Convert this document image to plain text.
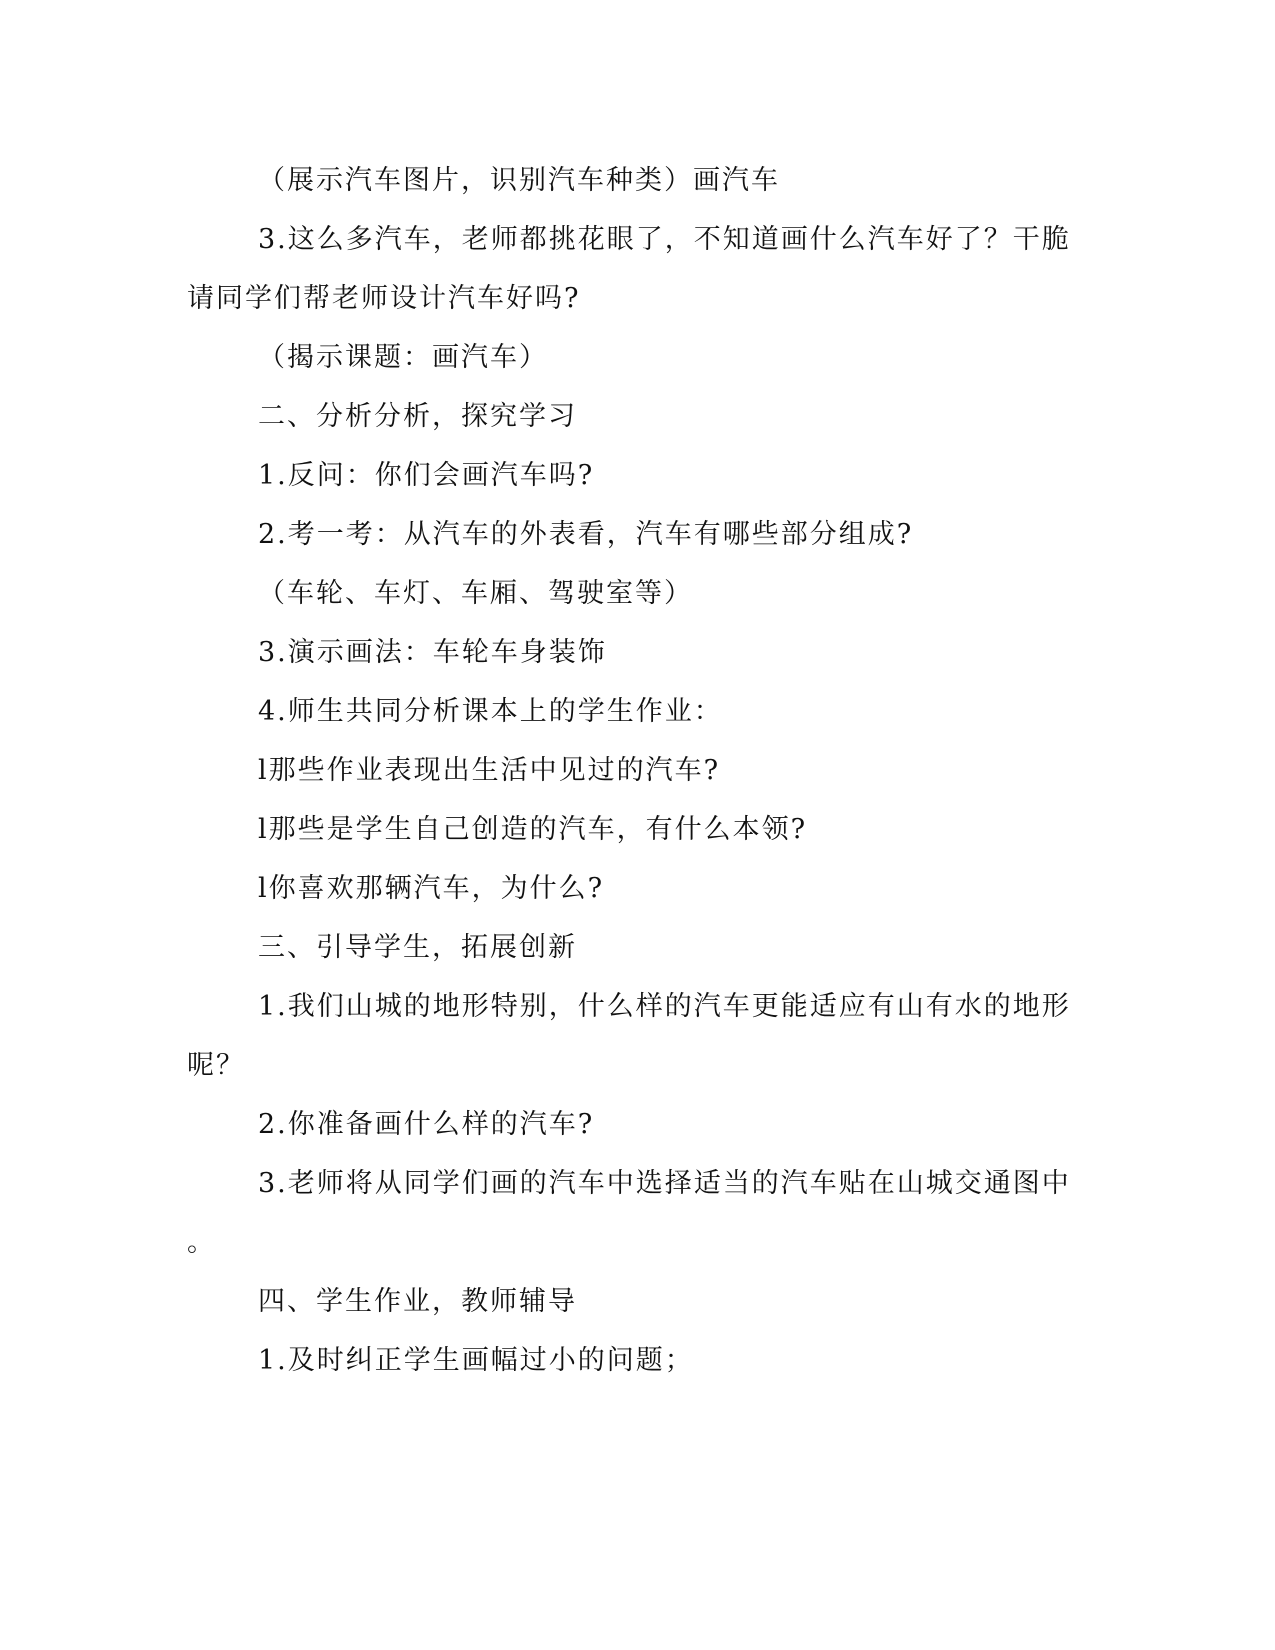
（展示汽车图片，识别汽车种类）画汽车
3.这么多汽车，老师都挑花眼了，不知道画什么汽车好了？干脆
请同学们帮老师设计汽车好吗?
（揭示课题：画汽车）
二、分析分析，探究学习
1.反问：你们会画汽车吗?
2.考一考：从汽车的外表看，汽车有哪些部分组成?
（车轮、车灯、车厢、驾驶室等）
3.演示画法：车轮车身装饰
4.师生共同分析课本上的学生作业：
l那些作业表现出生活中见过的汽车?
l那些是学生自己创造的汽车，有什么本领?
l你喜欢那辆汽车，为什么?
三、引导学生，拓展创新
1.我们山城的地形特别，什么样的汽车更能适应有山有水的地形
呢？
2.你准备画什么样的汽车?
3.老师将从同学们画的汽车中选择适当的汽车贴在山城交通图中
。
四、学生作业，教师辅导
1.及时纠正学生画幅过小的问题；
